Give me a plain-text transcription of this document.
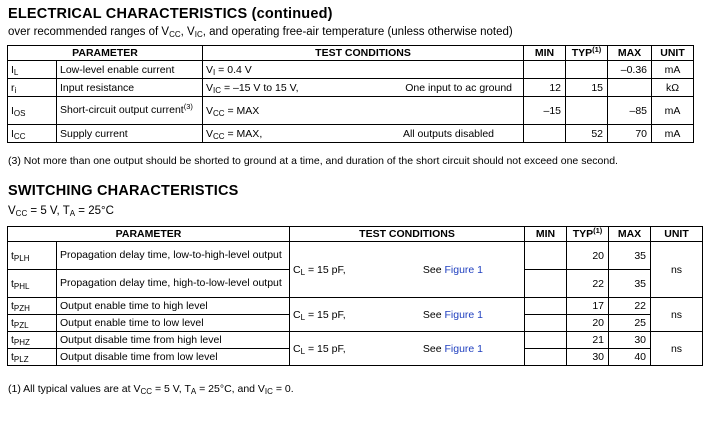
ELECTRICAL CHARACTERISTICS (continued)
over recommended ranges of $V_{CC}$, $V_{IC}$, and operating free-air temperature (unless otherwise noted)
PARAMETER		TEST CONDITIONS	MIN	TYP$^{(1)}$	MAX	UNIT
$I_L$	Low-level enable current	$V_I = 0.4$ V			–0.36	mA
$r_i$	Input resistance	$V_{IC} = -15$ V to 15 V, One input to ac ground	12	15		kΩ
$I_{OS}$	Short-circuit output current$^{(3)}$	$V_{CC}$ = MAX	–15		–85	mA
$I_{CC}$	Supply current	$V_{CC}$ = MAX, All outputs disabled		52	70	mA
(3) Not more than one output should be shorted to ground at a time, and duration of the short circuit should not exceed one second.
SWITCHING CHARACTERISTICS
$V_{CC} = 5$ V, $T_A = 25^\circ C$
PARAMETER		TEST CONDITIONS	MIN	TYP$^{(1)}$	MAX	UNIT
$t_{PLH}$	Propagation delay time, low-to-high-level output	$C_L = 15$ pF, See Figure 1		20	35	ns
$t_{PHL}$	Propagation delay time, high-to-low-level output			22	35	
$t_{PZH}$	Output enable time to high level	$C_L = 15$ pF, See Figure 1		17	22	ns
$t_{PZL}$	Output enable time to low level			20	25	
$t_{PHZ}$	Output disable time from high level	$C_L = 15$ pF, See Figure 1		21	30	ns
$t_{PLZ}$	Output disable time from low level			30	40	
(1) All typical values are at $V_{CC} = 5$ V, $T_A = 25^\circ C$, and $V_{IC} = 0$.
